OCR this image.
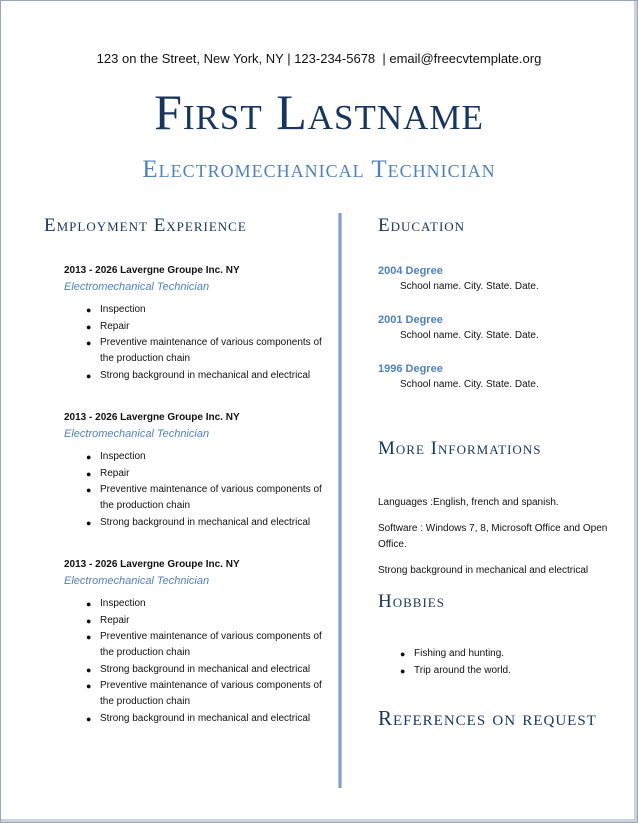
123 on the Street, New York, NY | 123-234-5678  | email@freecvtemplate.org
First Lastname
Electromechanical Technician
Employment Experience
2013 - 2026 Lavergne Groupe Inc. NY
Electromechanical Technician
● Inspection
● Repair
● Preventive maintenance of various components of the production chain
● Strong background in mechanical and electrical
2013 - 2026 Lavergne Groupe Inc. NY
Electromechanical Technician
● Inspection
● Repair
● Preventive maintenance of various components of the production chain
● Strong background in mechanical and electrical
2013 - 2026 Lavergne Groupe Inc. NY
Electromechanical Technician
● Inspection
● Repair
● Preventive maintenance of various components of the production chain
● Strong background in mechanical and electrical
● Preventive maintenance of various components of the production chain
● Strong background in mechanical and electrical
Education
2004 Degree
School name. City. State. Date.
2001 Degree
School name. City. State. Date.
1996 Degree
School name. City. State. Date.
More Informations
Languages :English, french and spanish.
Software : Windows 7, 8, Microsoft Office and Open Office.
Strong background in mechanical and electrical
Hobbies
● Fishing and hunting.
● Trip around the world.
References on request
